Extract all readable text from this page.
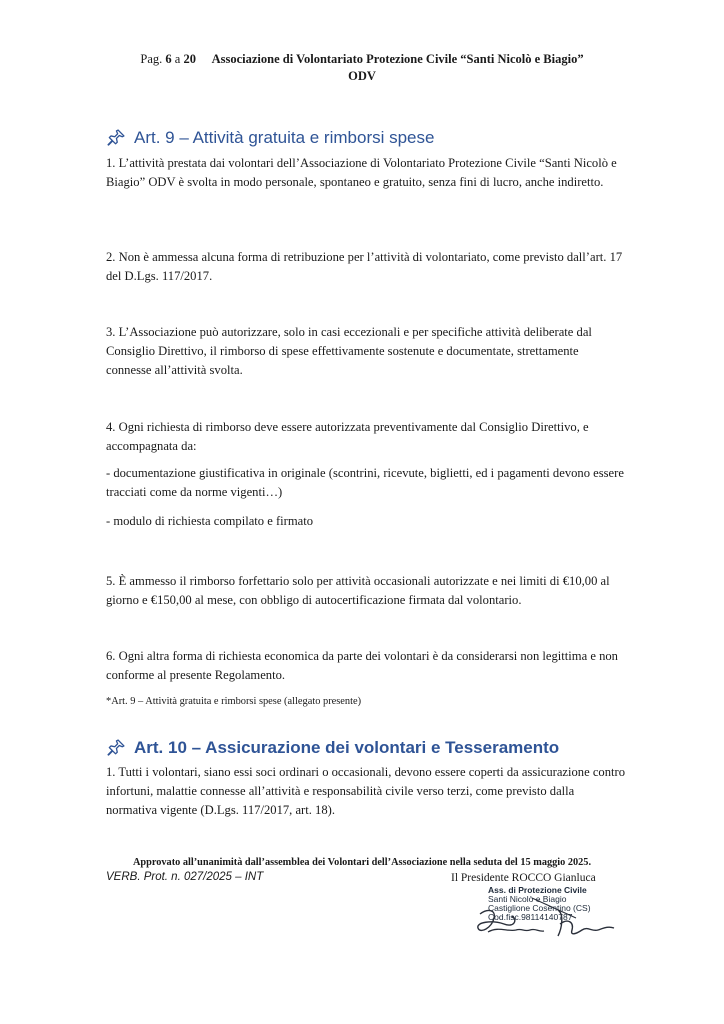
Pag. 6 a 20 Associazione di Volontariato Protezione Civile “Santi Nicolò e Biagio”
ODV
Art. 9 – Attività gratuita e rimborsi spese
1. L’attività prestata dai volontari dell’Associazione di Volontariato Protezione Civile “Santi Nicolò e Biagio” ODV è svolta in modo personale, spontaneo e gratuito, senza fini di lucro, anche indiretto.
2. Non è ammessa alcuna forma di retribuzione per l’attività di volontariato, come previsto dall’art. 17 del D.Lgs. 117/2017.
3. L’Associazione può autorizzare, solo in casi eccezionali e per specifiche attività deliberate dal Consiglio Direttivo, il rimborso di spese effettivamente sostenute e documentate, strettamente connesse all’attività svolta.
4. Ogni richiesta di rimborso deve essere autorizzata preventivamente dal Consiglio Direttivo, e accompagnata da:
- documentazione giustificativa in originale (scontrini, ricevute, biglietti, ed i pagamenti devono essere tracciati come da norme vigenti…)
- modulo di richiesta compilato e firmato
5. È ammesso il rimborso forfettario solo per attività occasionali autorizzate e nei limiti di €10,00 al giorno e €150,00 al mese, con obbligo di autocertificazione firmata dal volontario.
6. Ogni altra forma di richiesta economica da parte dei volontari è da considerarsi non legittima e non conforme al presente Regolamento.
*Art. 9 – Attività gratuita e rimborsi spese (allegato presente)
Art. 10 – Assicurazione dei volontari e Tesseramento
1. Tutti i volontari, siano essi soci ordinari o occasionali, devono essere coperti da assicurazione contro infortuni, malattie connesse all’attività e responsabilità civile verso terzi, come previsto dalla normativa vigente (D.Lgs. 117/2017, art. 18).
Approvato all’unanimità dall’assemblea dei Volontari dell’Associazione nella seduta del 15 maggio 2025.
VERB. Prot. n. 027/2025 – INT	Il Presidente ROCCO Gianluca
Ass. di Protezione Civile
Santi Nicolò e Biagio
Castiglione Cosentino (CS)
Cod.fisc.98114140787
